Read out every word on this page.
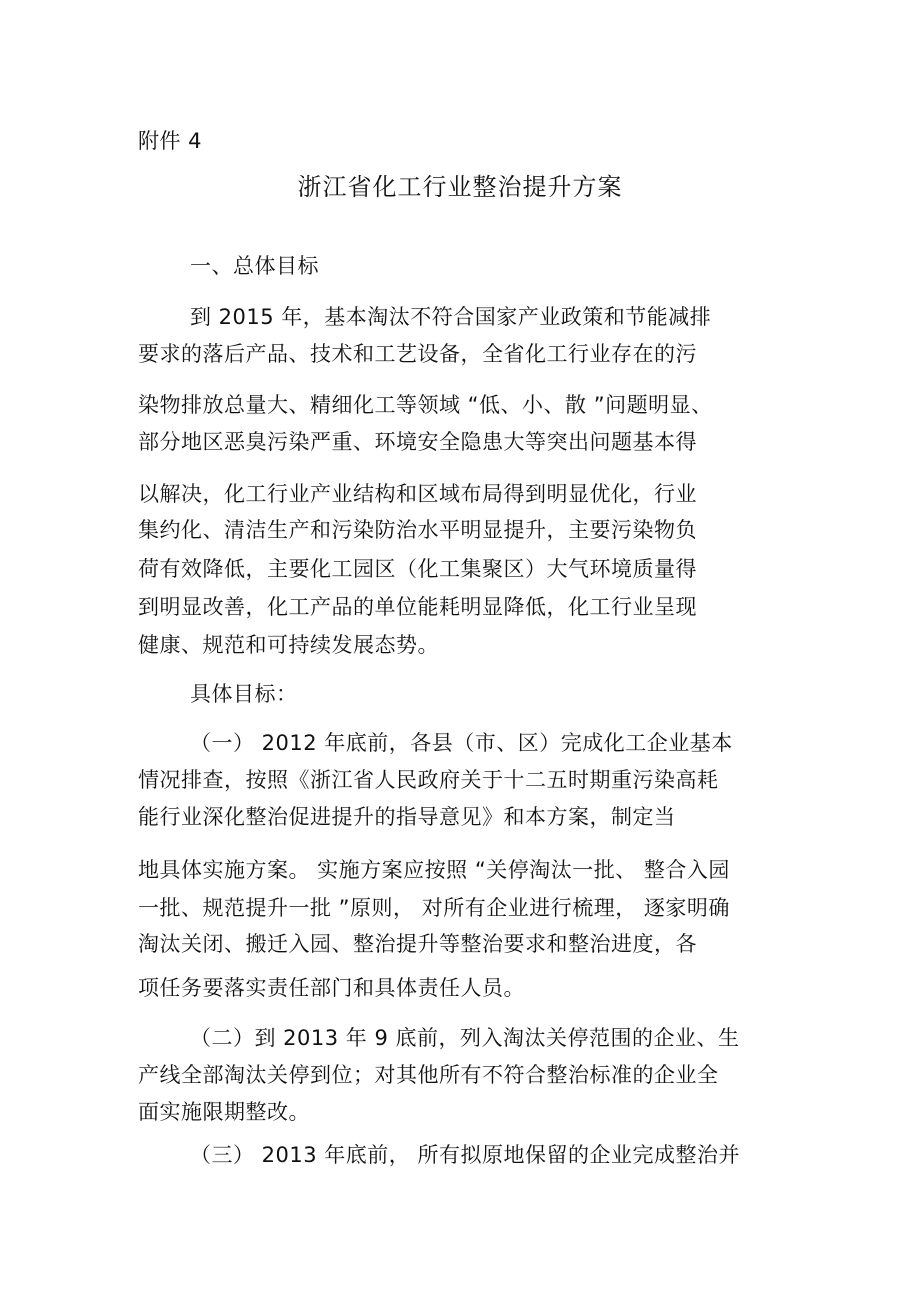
附件 4
浙江省化工行业整治提升方案
一、总体目标
到 2015 年，基本淘汰不符合国家产业政策和节能减排
要求的落后产品、技术和工艺设备，全省化工行业存在的污
染物排放总量大、精细化工等领域 “低、小、散 ”问题明显、
部分地区恶臭污染严重、环境安全隐患大等突出问题基本得
以解决，化工行业产业结构和区域布局得到明显优化，行业
集约化、清洁生产和污染防治水平明显提升，主要污染物负
荷有效降低，主要化工园区（化工集聚区）大气环境质量得
到明显改善，化工产品的单位能耗明显降低，化工行业呈现
健康、规范和可持续发展态势。
具体目标：
（一） 2012 年底前，各县（市、区）完成化工企业基本
情况排查，按照《浙江省人民政府关于十二五时期重污染高耗
能行业深化整治促进提升的指导意见》和本方案，制定当
地具体实施方案。 实施方案应按照 “关停淘汰一批、 整合入园
一批、规范提升一批 ”原则， 对所有企业进行梳理， 逐家明确
淘汰关闭、搬迁入园、整治提升等整治要求和整治进度，各
项任务要落实责任部门和具体责任人员。
（二）到 2013 年 9 底前，列入淘汰关停范围的企业、生
产线全部淘汰关停到位；对其他所有不符合整治标准的企业全
面实施限期整改。
（三） 2013 年底前， 所有拟原地保留的企业完成整治并
